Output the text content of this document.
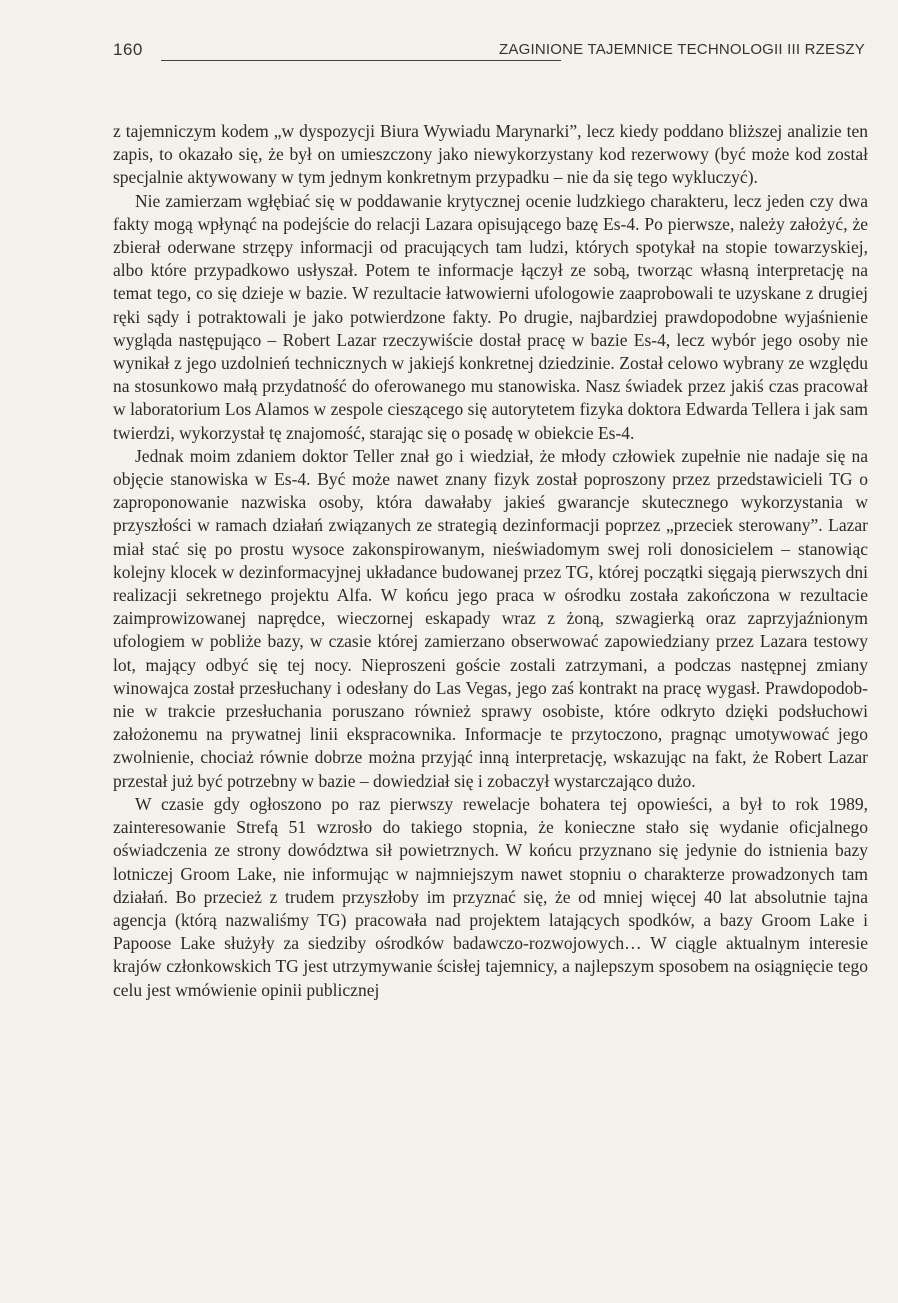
160	ZAGINIONE TAJEMNICE TECHNOLOGII III RZESZY

z tajemniczym kodem „w dyspozycji Biura Wywiadu Marynarki”, lecz kiedy poddano bliższej analizie ten zapis, to okazało się, że był on umieszczony jako niewykorzystany kod rezerwowy (być może kod został specjalnie aktywowany w tym jednym konkretnym przypadku – nie da się tego wykluczyć).

Nie zamierzam wgłębiać się w poddawanie krytycznej ocenie ludzkiego charakteru, lecz jeden czy dwa fakty mogą wpłynąć na podejście do relacji Lazara opisującego bazę Es-4. Po pierwsze, należy założyć, że zbierał oderwane strzępy informacji od pracujących tam ludzi, których spotykał na stopie towarzyskiej, albo które przypadkowo usłyszał. Potem te informacje łączył ze sobą, tworząc własną interpretację na temat tego, co się dzieje w bazie. W rezultacie łatwowierni ufologowie zaaprobowali te uzyskane z drugiej ręki sądy i potraktowali je jako potwierdzone fakty. Po drugie, najbardziej prawdopodobne wyjaśnienie wygląda następująco – Robert Lazar rzeczywiście dostał pracę w bazie Es-4, lecz wybór jego osoby nie wynikał z jego uzdolnień technicznych w jakiejś konkretnej dziedzinie. Został celowo wybrany ze względu na stosunkowo małą przydatność do oferowanego mu stanowiska. Nasz świadek przez jakiś czas pracował w laboratorium Los Alamos w zespole cieszącego się autorytetem fizyka doktora Edwarda Tellera i jak sam twierdzi, wykorzystał tę znajomość, starając się o posadę w obiekcie Es-4.

Jednak moim zdaniem doktor Teller znał go i wiedział, że młody człowiek zupełnie nie nadaje się na objęcie stanowiska w Es-4. Być może nawet znany fizyk został poproszony przez przedstawicieli TG o zaproponowanie nazwiska osoby, która dawałaby jakieś gwarancje skutecznego wykorzystania w przyszłości w ramach działań związanych ze strategią dezinformacji poprzez „przeciek sterowany”. Lazar miał stać się po prostu wysoce zakonspirowanym, nieświadomym swej roli donosicielem – stanowiąc kolejny klocek w dezinformacyjnej układance budowanej przez TG, której początki sięgają pierwszych dni realizacji sekretnego projektu Alfa. W końcu jego praca w ośrodku została zakończona w rezultacie zaimprowizowanej naprędce, wieczornej eskapady wraz z żoną, szwagierką oraz zaprzyjaźnionym ufologiem w pobliże bazy, w czasie której zamierzano obserwować zapowiedziany przez Lazara testowy lot, mający odbyć się tej nocy. Nieproszeni goście zostali zatrzymani, a podczas następnej zmiany winowajca został przesłuchany i odesłany do Las Vegas, jego zaś kontrakt na pracę wygasł. Prawdopodobnie w trakcie przesłuchania poruszano również sprawy osobiste, które odkryto dzięki podsłuchowi założonemu na prywatnej linii ekspracownika. Informacje te przytoczono, pragnąc umotywować jego zwolnienie, chociaż równie dobrze można przyjąć inną interpretację, wskazując na fakt, że Robert Lazar przestał już być potrzebny w bazie – dowiedział się i zobaczył wystarczająco dużo.

W czasie gdy ogłoszono po raz pierwszy rewelacje bohatera tej opowieści, a był to rok 1989, zainteresowanie Strefą 51 wzrosło do takiego stopnia, że konieczne stało się wydanie oficjalnego oświadczenia ze strony dowództwa sił powietrznych. W końcu przyznano się jedynie do istnienia bazy lotniczej Groom Lake, nie informując w najmniejszym nawet stopniu o charakterze prowadzonych tam działań. Bo przecież z trudem przyszłoby im przyznać się, że od mniej więcej 40 lat absolutnie tajna agencja (którą nazwaliśmy TG) pracowała nad projektem latających spodków, a bazy Groom Lake i Papoose Lake służyły za siedziby ośrodków badawczo-rozwojowych… W ciągle aktualnym interesie krajów członkowskich TG jest utrzymywanie ścisłej tajemnicy, a najlepszym sposobem na osiągnięcie tego celu jest wmówienie opinii publicznej
